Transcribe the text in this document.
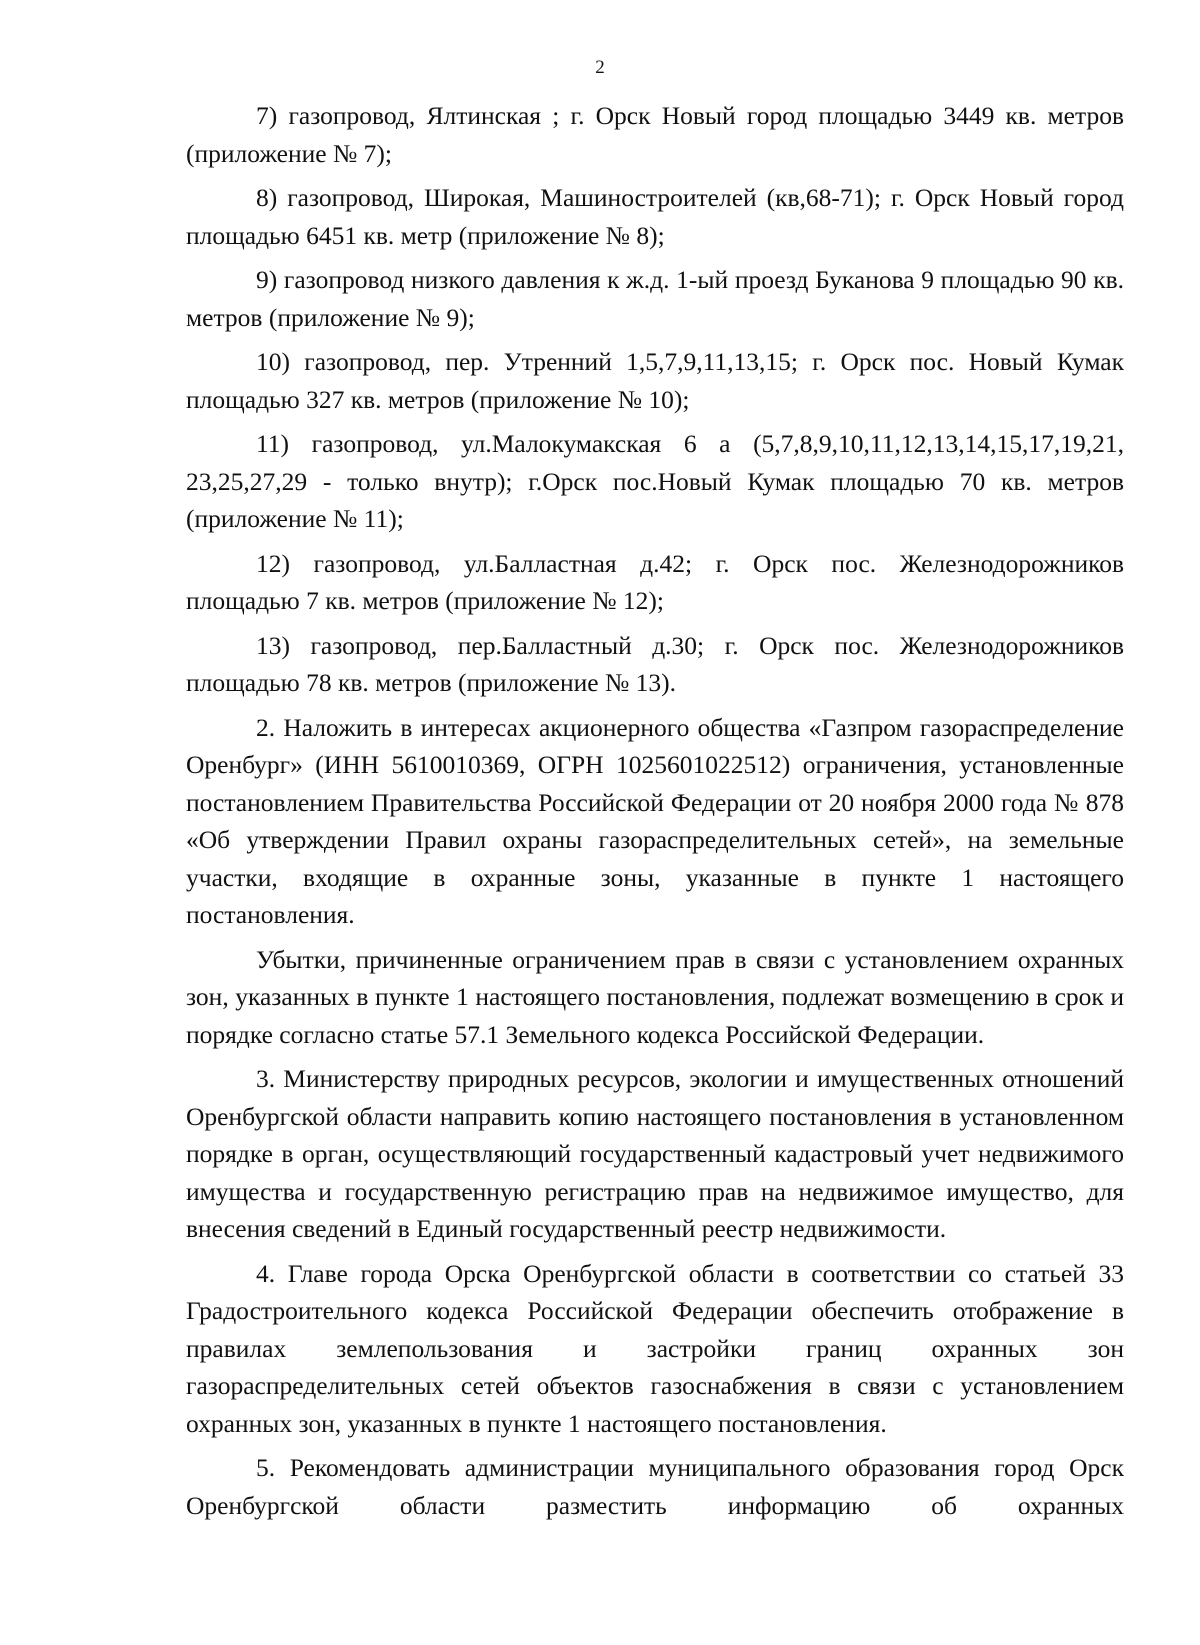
2

7) газопровод, Ялтинская ; г. Орск Новый город площадью 3449 кв. метров (приложение № 7);

8) газопровод, Широкая, Машиностроителей (кв,68-71); г. Орск Новый город площадью 6451 кв. метр (приложение № 8);

9) газопровод низкого давления к ж.д. 1-ый проезд Буканова 9 площадью 90 кв. метров (приложение № 9);

10) газопровод, пер. Утренний 1,5,7,9,11,13,15; г. Орск пос. Новый Кумак площадью 327 кв. метров (приложение № 10);

11) газопровод, ул.Малокумакская 6 а (5,7,8,9,10,11,12,13,14,15,17,19,21, 23,25,27,29 - только внутр); г.Орск пос.Новый Кумак площадью 70 кв. метров (приложение № 11);

12) газопровод, ул.Балластная д.42; г. Орск пос. Железнодорожников площадью 7 кв. метров (приложение № 12);

13) газопровод, пер.Балластный д.30; г. Орск пос. Железнодорожников площадью 78 кв. метров (приложение № 13).

2. Наложить в интересах акционерного общества «Газпром газораспределение Оренбург» (ИНН 5610010369, ОГРН 1025601022512) ограничения, установленные постановлением Правительства Российской Федерации от 20 ноября 2000 года № 878 «Об утверждении Правил охраны газораспределительных сетей», на земельные участки, входящие в охранные зоны, указанные в пункте 1 настоящего постановления.

Убытки, причиненные ограничением прав в связи с установлением охранных зон, указанных в пункте 1 настоящего постановления, подлежат возмещению в срок и порядке согласно статье 57.1 Земельного кодекса Российской Федерации.

3. Министерству природных ресурсов, экологии и имущественных отношений Оренбургской области направить копию настоящего постановления в установленном порядке в орган, осуществляющий государственный кадастровый учет недвижимого имущества и государственную регистрацию прав на недвижимое имущество, для внесения сведений в Единый государственный реестр недвижимости.

4. Главе города Орска Оренбургской области в соответствии со статьей 33 Градостроительного кодекса Российской Федерации обеспечить отображение в правилах землепользования и застройки границ охранных зон газораспределительных сетей объектов газоснабжения в связи с установлением охранных зон, указанных в пункте 1 настоящего постановления.

5. Рекомендовать администрации муниципального образования город Орск Оренбургской области разместить информацию об охранных
